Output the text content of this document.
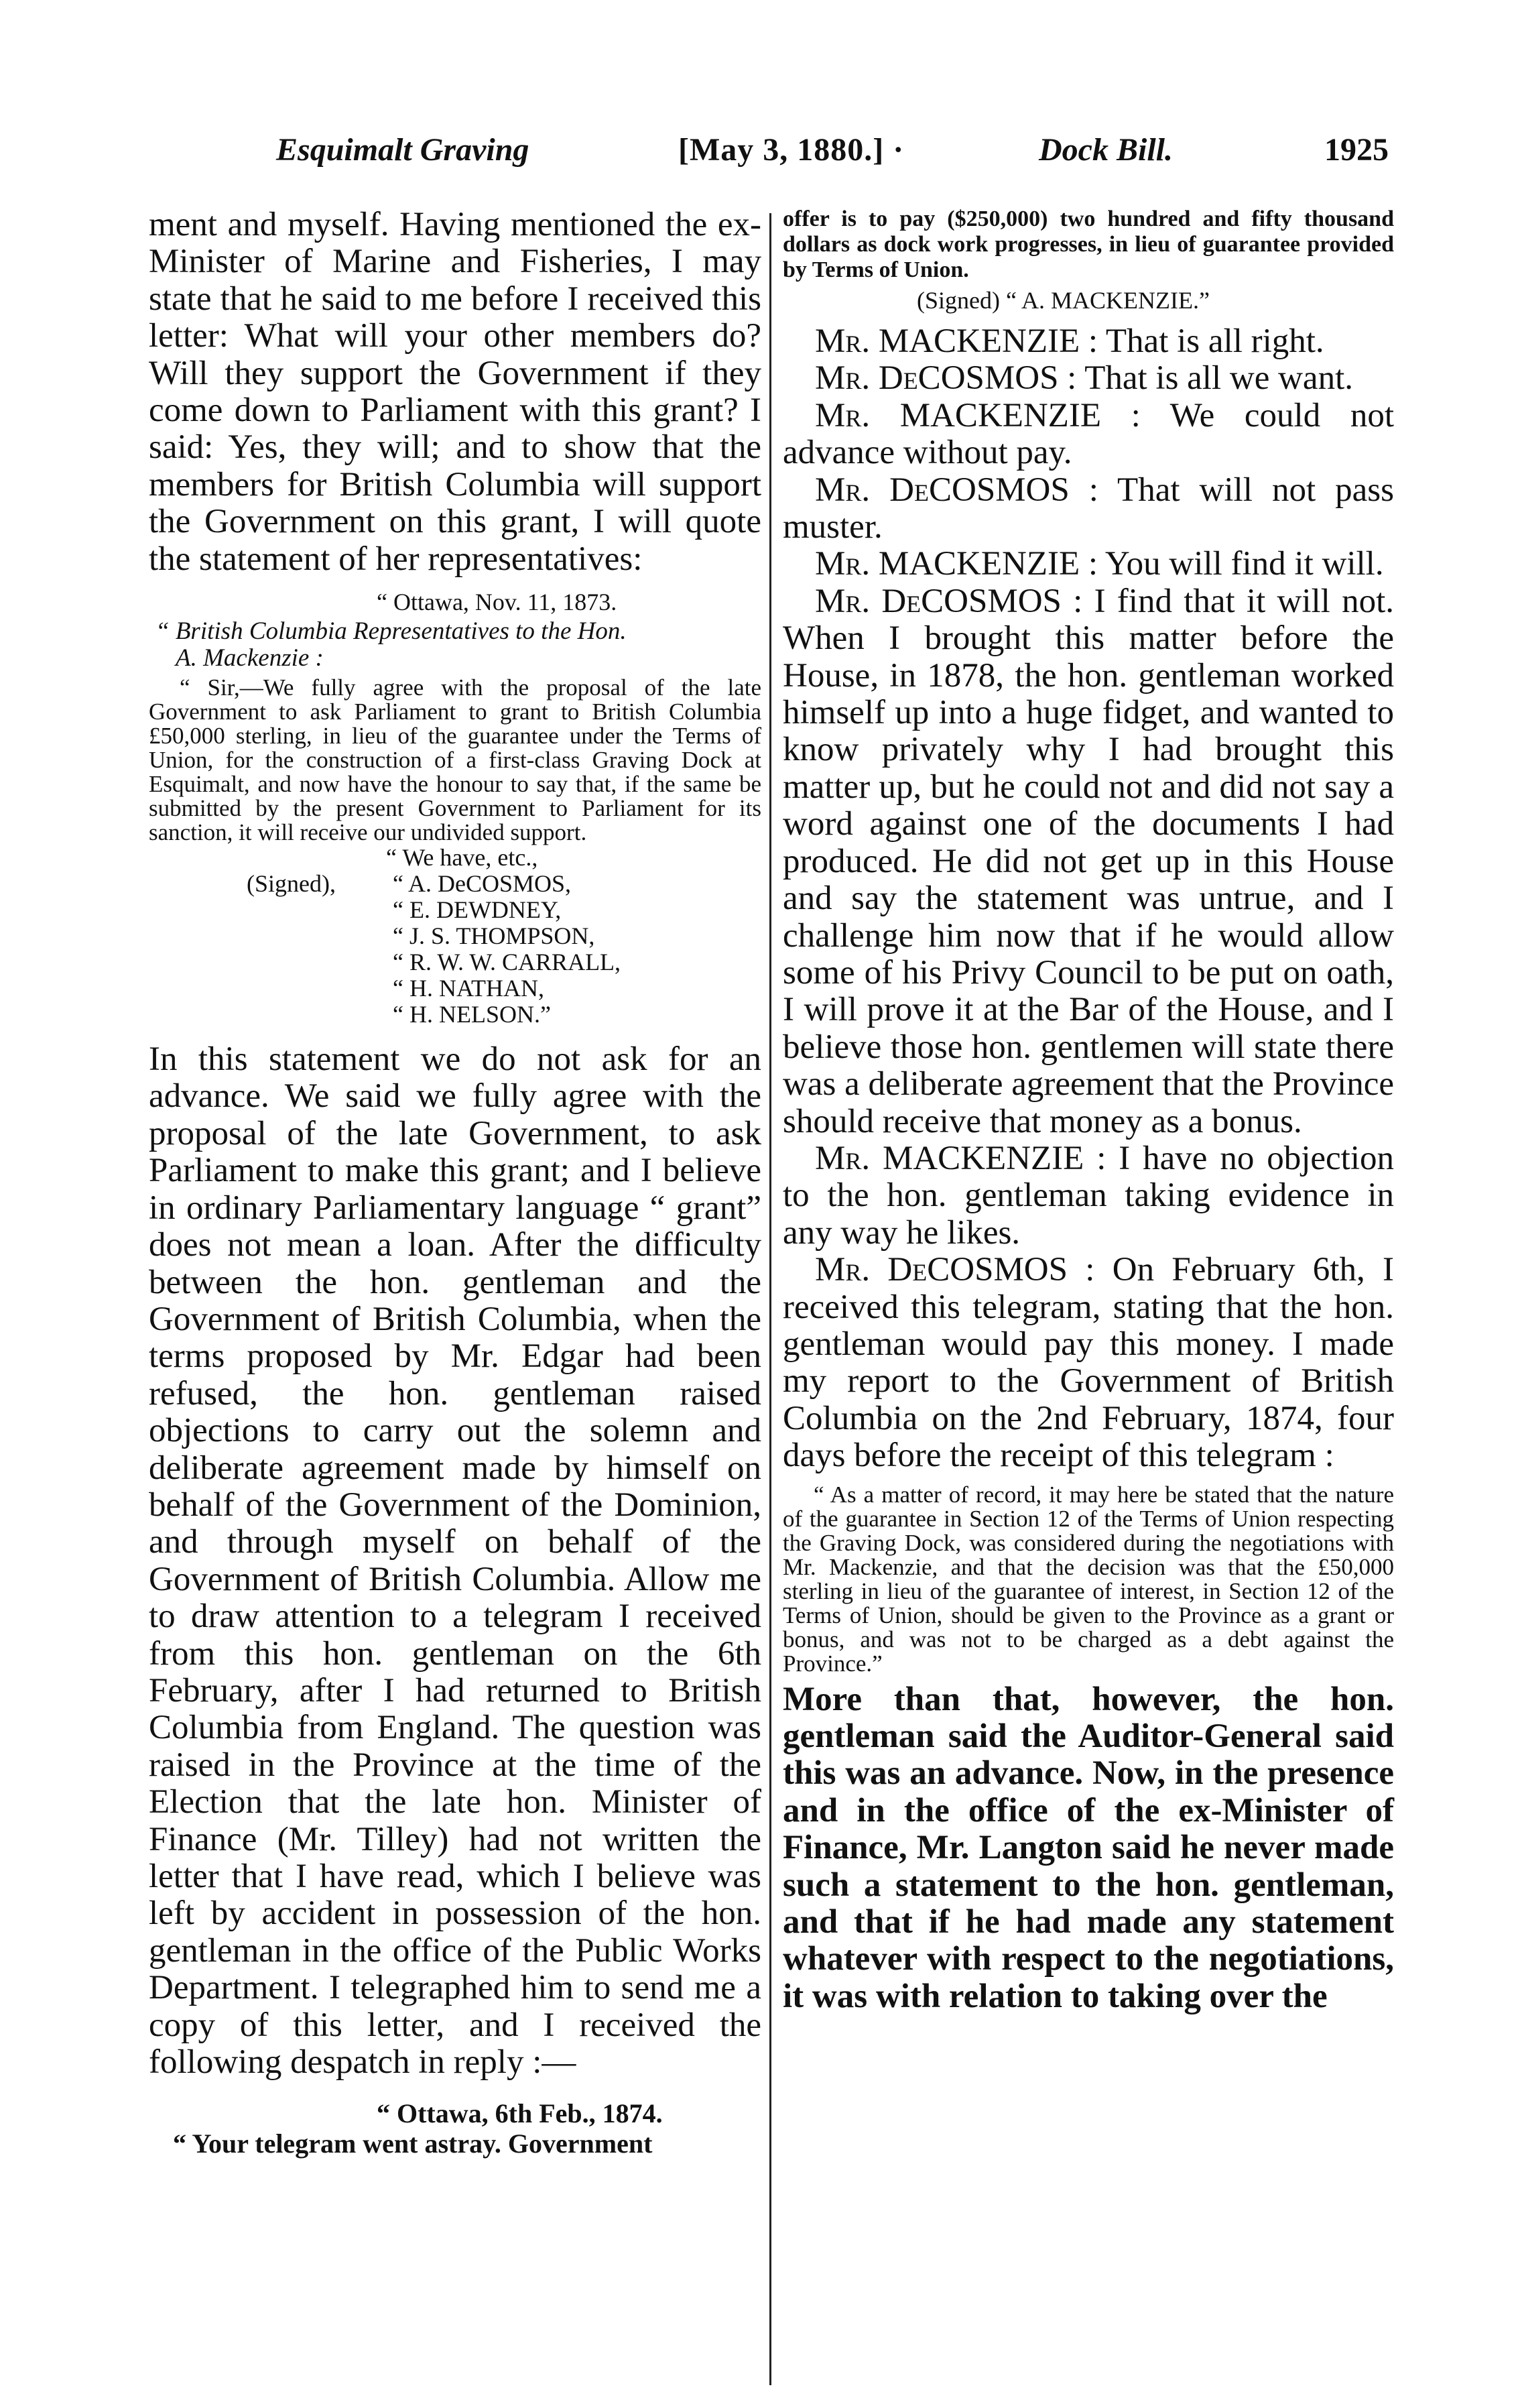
Esquimalt Graving	[May 3, 1880.] ·	Dock Bill.	1925

ment and myself. Having mentioned the ex-Minister of Marine and Fisheries, I may state that he said to me before I received this letter: What will your other members do? Will they support the Government if they come down to Parliament with this grant? I said: Yes, they will; and to show that the members for British Columbia will support the Government on this grant, I will quote the statement of her representatives:

“ Ottawa, Nov. 11, 1873.

“ British Columbia Representatives to the Hon.

A. Mackenzie :

“ Sir,—We fully agree with the proposal of the late Government to ask Parliament to grant to British Columbia £50,000 sterling, in lieu of the guarantee under the Terms of Union, for the construction of a first-class Graving Dock at Esquimalt, and now have the honour to say that, if the same be submitted by the present Government to Parliament for its sanction, it will receive our undivided support.

“ We have, etc.,
(Signed),	“ A. DeCOSMOS,
“ E. DEWDNEY,
“ J. S. THOMPSON,
“ R. W. W. CARRALL,
“ H. NATHAN,
“ H. NELSON.”

In this statement we do not ask for an advance. We said we fully agree with the proposal of the late Government, to ask Parliament to make this grant; and I believe in ordinary Parliamentary language “ grant” does not mean a loan. After the difficulty between the hon. gentleman and the Government of British Columbia, when the terms proposed by Mr. Edgar had been refused, the hon. gentleman raised objections to carry out the solemn and deliberate agreement made by himself on behalf of the Government of the Dominion, and through myself on behalf of the Government of British Columbia. Allow me to draw attention to a telegram I received from this hon. gentleman on the 6th February, after I had returned to British Columbia from England. The question was raised in the Province at the time of the Election that the late hon. Minister of Finance (Mr. Tilley) had not written the letter that I have read, which I believe was left by accident in possession of the hon. gentleman in the office of the Public Works Department. I telegraphed him to send me a copy of this letter, and I received the following despatch in reply :—

“ Ottawa, 6th Feb., 1874.

“ Your telegram went astray. Government

offer is to pay ($250,000) two hundred and fifty thousand dollars as dock work progresses, in lieu of guarantee provided by Terms of Union.

(Signed) “ A. MACKENZIE.”

Mr. MACKENZIE : That is all right.

Mr. DeCOSMOS : That is all we want.

Mr. MACKENZIE : We could not advance without pay.

Mr. DeCOSMOS : That will not pass muster.

Mr. MACKENZIE : You will find it will.

Mr. DeCOSMOS : I find that it will not. When I brought this matter before the House, in 1878, the hon. gentleman worked himself up into a huge fidget, and wanted to know privately why I had brought this matter up, but he could not and did not say a word against one of the documents I had produced. He did not get up in this House and say the statement was untrue, and I challenge him now that if he would allow some of his Privy Council to be put on oath, I will prove it at the Bar of the House, and I believe those hon. gentlemen will state there was a deliberate agreement that the Province should receive that money as a bonus.

Mr. MACKENZIE : I have no objection to the hon. gentleman taking evidence in any way he likes.

Mr. DeCOSMOS : On February 6th, I received this telegram, stating that the hon. gentleman would pay this money. I made my report to the Government of British Columbia on the 2nd February, 1874, four days before the receipt of this telegram :

“ As a matter of record, it may here be stated that the nature of the guarantee in Section 12 of the Terms of Union respecting the Graving Dock, was considered during the negotiations with Mr. Mackenzie, and that the decision was that the £50,000 sterling in lieu of the guarantee of interest, in Section 12 of the Terms of Union, should be given to the Province as a grant or bonus, and was not to be charged as a debt against the Province.”

More than that, however, the hon. gentleman said the Auditor-General said this was an advance. Now, in the presence and in the office of the ex-Minister of Finance, Mr. Langton said he never made such a statement to the hon. gentleman, and that if he had made any statement whatever with respect to the negotiations, it was with relation to taking over the
